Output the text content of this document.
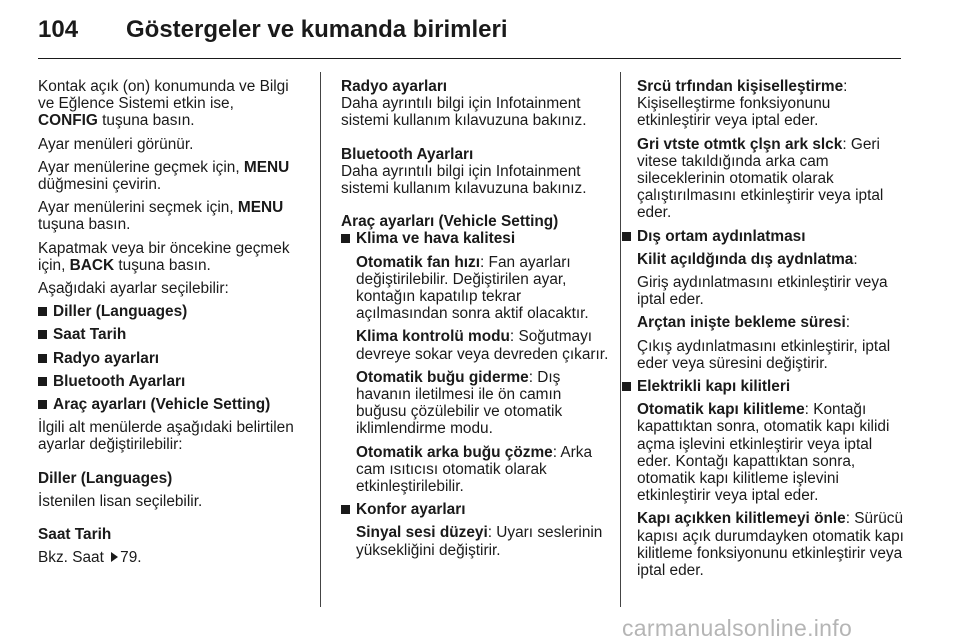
104 Göstergeler ve kumanda birimleri

Kontak açık (on) konumunda ve Bilgi ve Eğlence Sistemi etkin ise,
CONFIG tuşuna basın.

Ayar menüleri görünür.

Ayar menülerine geçmek için, MENU düğmesini çevirin.

Ayar menülerini seçmek için, MENU tuşuna basın.

Kapatmak veya bir öncekine geçmek için, BACK tuşuna basın.

Aşağıdaki ayarlar seçilebilir:

Diller (Languages)
Saat Tarih
Radyo ayarları
Bluetooth Ayarları
Araç ayarları (Vehicle Setting)

İlgili alt menülerde aşağıdaki belirtilen ayarlar değiştirilebilir:

Diller (Languages)

İstenilen lisan seçilebilir.

Saat Tarih

Bkz. Saat 79.

Radyo ayarları

Daha ayrıntılı bilgi için Infotainment sistemi kullanım kılavuzuna bakınız.

Bluetooth Ayarları

Daha ayrıntılı bilgi için Infotainment sistemi kullanım kılavuzuna bakınız.

Araç ayarları (Vehicle Setting)

Klima ve hava kalitesi

Otomatik fan hızı: Fan ayarları değiştirilebilir. Değiştirilen ayar, kontağın kapatılıp tekrar açılmasından sonra aktif olacaktır.

Klima kontrolü modu: Soğutmayı devreye sokar veya devreden çıkarır.

Otomatik buğu giderme: Dış havanın iletilmesi ile ön camın buğusu çözülebilir ve otomatik iklimlendirme modu.

Otomatik arka buğu çözme: Arka cam ısıtıcısı otomatik olarak etkinleştirilebilir.

Konfor ayarları

Sinyal sesi düzeyi: Uyarı seslerinin yüksekliğini değiştirir.

Srcü trfından kişiselleştirme: Kişiselleştirme fonksiyonunu etkinleştirir veya iptal eder.

Gri vtste otmtk çlşn ark slck: Geri vitese takıldığında arka cam sileceklerinin otomatik olarak çalıştırılmasını etkinleştirir veya iptal eder.

Dış ortam aydınlatması

Kilit açıldğında dış aydnlatma:

Giriş aydınlatmasını etkinleştirir veya iptal eder.

Arçtan inişte bekleme süresi:

Çıkış aydınlatmasını etkinleştirir, iptal eder veya süresini değiştirir.

Elektrikli kapı kilitleri

Otomatik kapı kilitleme: Kontağı kapattıktan sonra, otomatik kapı kilidi açma işlevini etkinleştirir veya iptal eder. Kontağı kapattıktan sonra, otomatik kapı kilitleme işlevini etkinleştirir veya iptal eder.

Kapı açıkken kilitlemeyi önle: Sürücü kapısı açık durumdayken otomatik kapı kilitleme fonksiyonunu etkinleştirir veya iptal eder.

carmanualsonline.info
